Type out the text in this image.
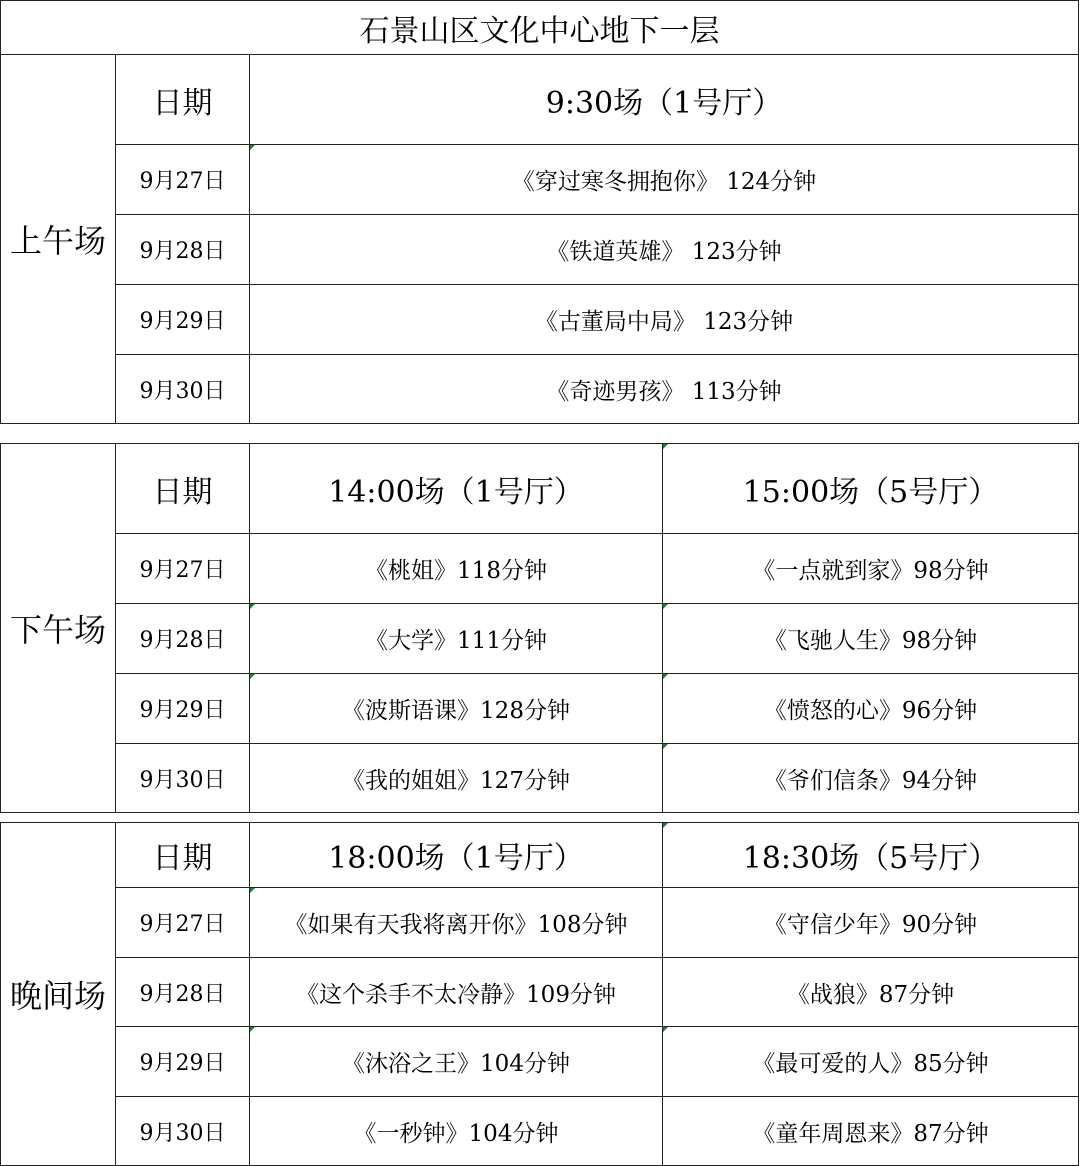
石景山区文化中心地下一层		
上午场	日期	9:30场（1号厅）
	9月27日	《穿过寒冬拥抱你》 124分钟
	9月28日	《铁道英雄》 123分钟
	9月29日	《古董局中局》 123分钟
	9月30日	《奇迹男孩》 113分钟
下午场	日期	14:00场（1号厅）	15:00场（5号厅）
	9月27日	《桃姐》118分钟	《一点就到家》98分钟
	9月28日	《大学》111分钟	《飞驰人生》98分钟
	9月29日	《波斯语课》128分钟	《愤怒的心》96分钟
	9月30日	《我的姐姐》127分钟	《爷们信条》94分钟
晚间场	日期	18:00场（1号厅）	18:30场（5号厅）
	9月27日	《如果有天我将离开你》108分钟	《守信少年》90分钟
	9月28日	《这个杀手不太冷静》109分钟	《战狼》87分钟
	9月29日	《沐浴之王》104分钟	《最可爱的人》85分钟
	9月30日	《一秒钟》104分钟	《童年周恩来》87分钟
